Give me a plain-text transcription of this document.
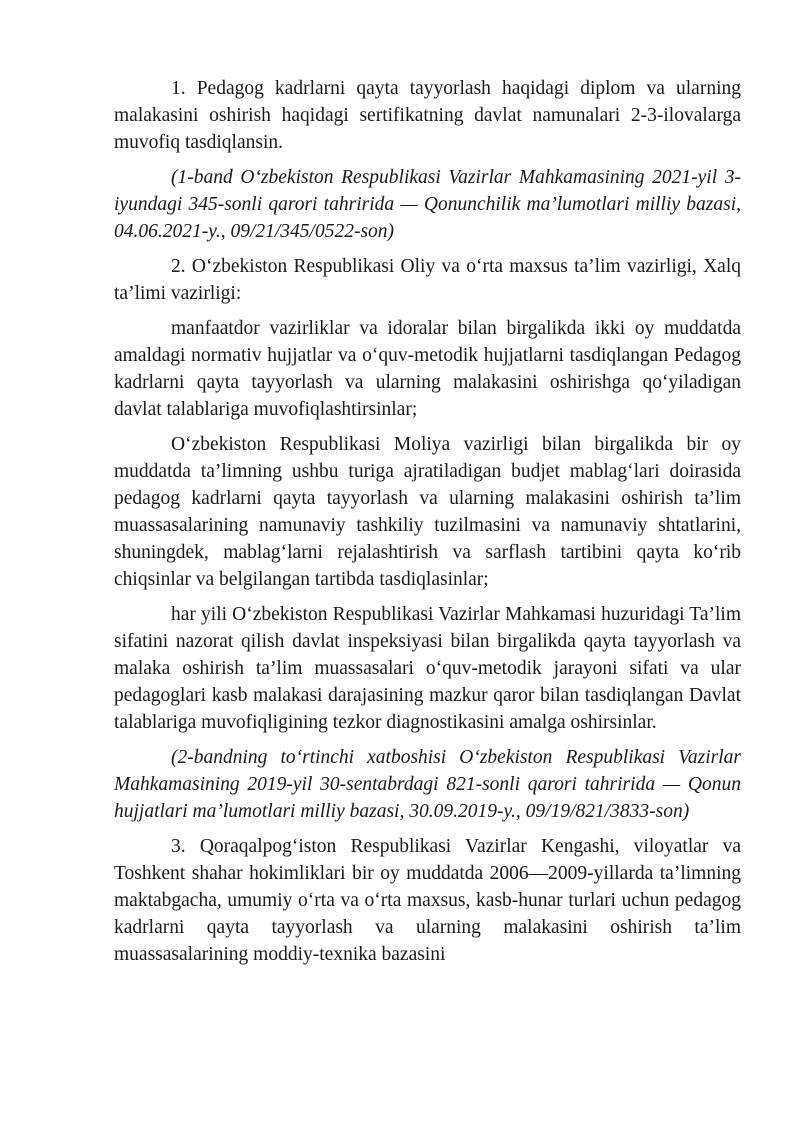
1. Pedagog kadrlarni qayta tayyorlash haqidagi diplom va ularning malakasini oshirish haqidagi sertifikatning davlat namunalari 2-3-ilovalarga muvofiq tasdiqlansin.

(1-band O‘zbekiston Respublikasi Vazirlar Mahkamasining 2021-yil 3-iyundagi 345-sonli qarori tahririda — Qonunchilik ma’lumotlari milliy bazasi, 04.06.2021-y., 09/21/345/0522-son)

2. O‘zbekiston Respublikasi Oliy va o‘rta maxsus ta’lim vazirligi, Xalq ta’limi vazirligi:

manfaatdor vazirliklar va idoralar bilan birgalikda ikki oy muddatda amaldagi normativ hujjatlar va o‘quv-metodik hujjatlarni tasdiqlangan Pedagog kadrlarni qayta tayyorlash va ularning malakasini oshirishga qo‘yiladigan davlat talablariga muvofiqlashtirsinlar;

O‘zbekiston Respublikasi Moliya vazirligi bilan birgalikda bir oy muddatda ta’limning ushbu turiga ajratiladigan budjet mablag‘lari doirasida pedagog kadrlarni qayta tayyorlash va ularning malakasini oshirish ta’lim muassasalarining namunaviy tashkiliy tuzilmasini va namunaviy shtatlarini, shuningdek, mablag‘larni rejalashtirish va sarflash tartibini qayta ko‘rib chiqsinlar va belgilangan tartibda tasdiqlasinlar;

har yili O‘zbekiston Respublikasi Vazirlar Mahkamasi huzuridagi Ta’lim sifatini nazorat qilish davlat inspeksiyasi bilan birgalikda qayta tayyorlash va malaka oshirish ta’lim muassasalari o‘quv-metodik jarayoni sifati va ular pedagoglari kasb malakasi darajasining mazkur qaror bilan tasdiqlangan Davlat talablariga muvofiqligining tezkor diagnostikasini amalga oshirsinlar.

(2-bandning to‘rtinchi xatboshisi O‘zbekiston Respublikasi Vazirlar Mahkamasining 2019-yil 30-sentabrdagi 821-sonli qarori tahririda — Qonun hujjatlari ma’lumotlari milliy bazasi, 30.09.2019-y., 09/19/821/3833-son)

3. Qoraqalpog‘iston Respublikasi Vazirlar Kengashi, viloyatlar va Toshkent shahar hokimliklari bir oy muddatda 2006—2009-yillarda ta’limning maktabgacha, umumiy o‘rta va o‘rta maxsus, kasb-hunar turlari uchun pedagog kadrlarni qayta tayyorlash va ularning malakasini oshirish ta’lim muassasalarining moddiy-texnika bazasini
